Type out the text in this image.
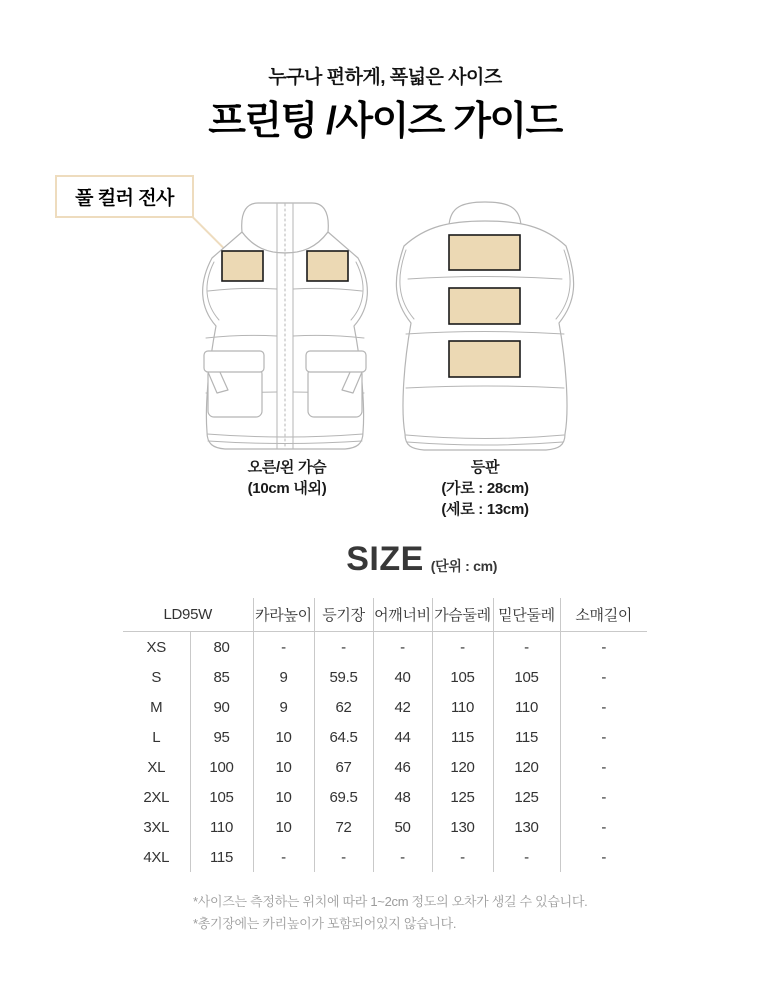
누구나 편하게, 폭넓은 사이즈
프린팅 /사이즈 가이드
풀 컬러 전사
오른/왼 가슴
(10cm 내외)
등판
(가로 : 28cm)
(세로 : 13cm)
SIZE (단위 : cm)
LD95W		카라높이	등기장	어깨너비	가슴둘레	밑단둘레	소매길이
XS	80	-	-	-	-	-	-
S	85	9	59.5	40	105	105	-
M	90	9	62	42	110	110	-
L	95	10	64.5	44	115	115	-
XL	100	10	67	46	120	120	-
2XL	105	10	69.5	48	125	125	-
3XL	110	10	72	50	130	130	-
4XL	115	-	-	-	-	-	-

*사이즈는 측정하는 위치에 따라 1~2cm 정도의 오차가 생길 수 있습니다.

*총기장에는 카리높이가 포함되어있지 않습니다.
